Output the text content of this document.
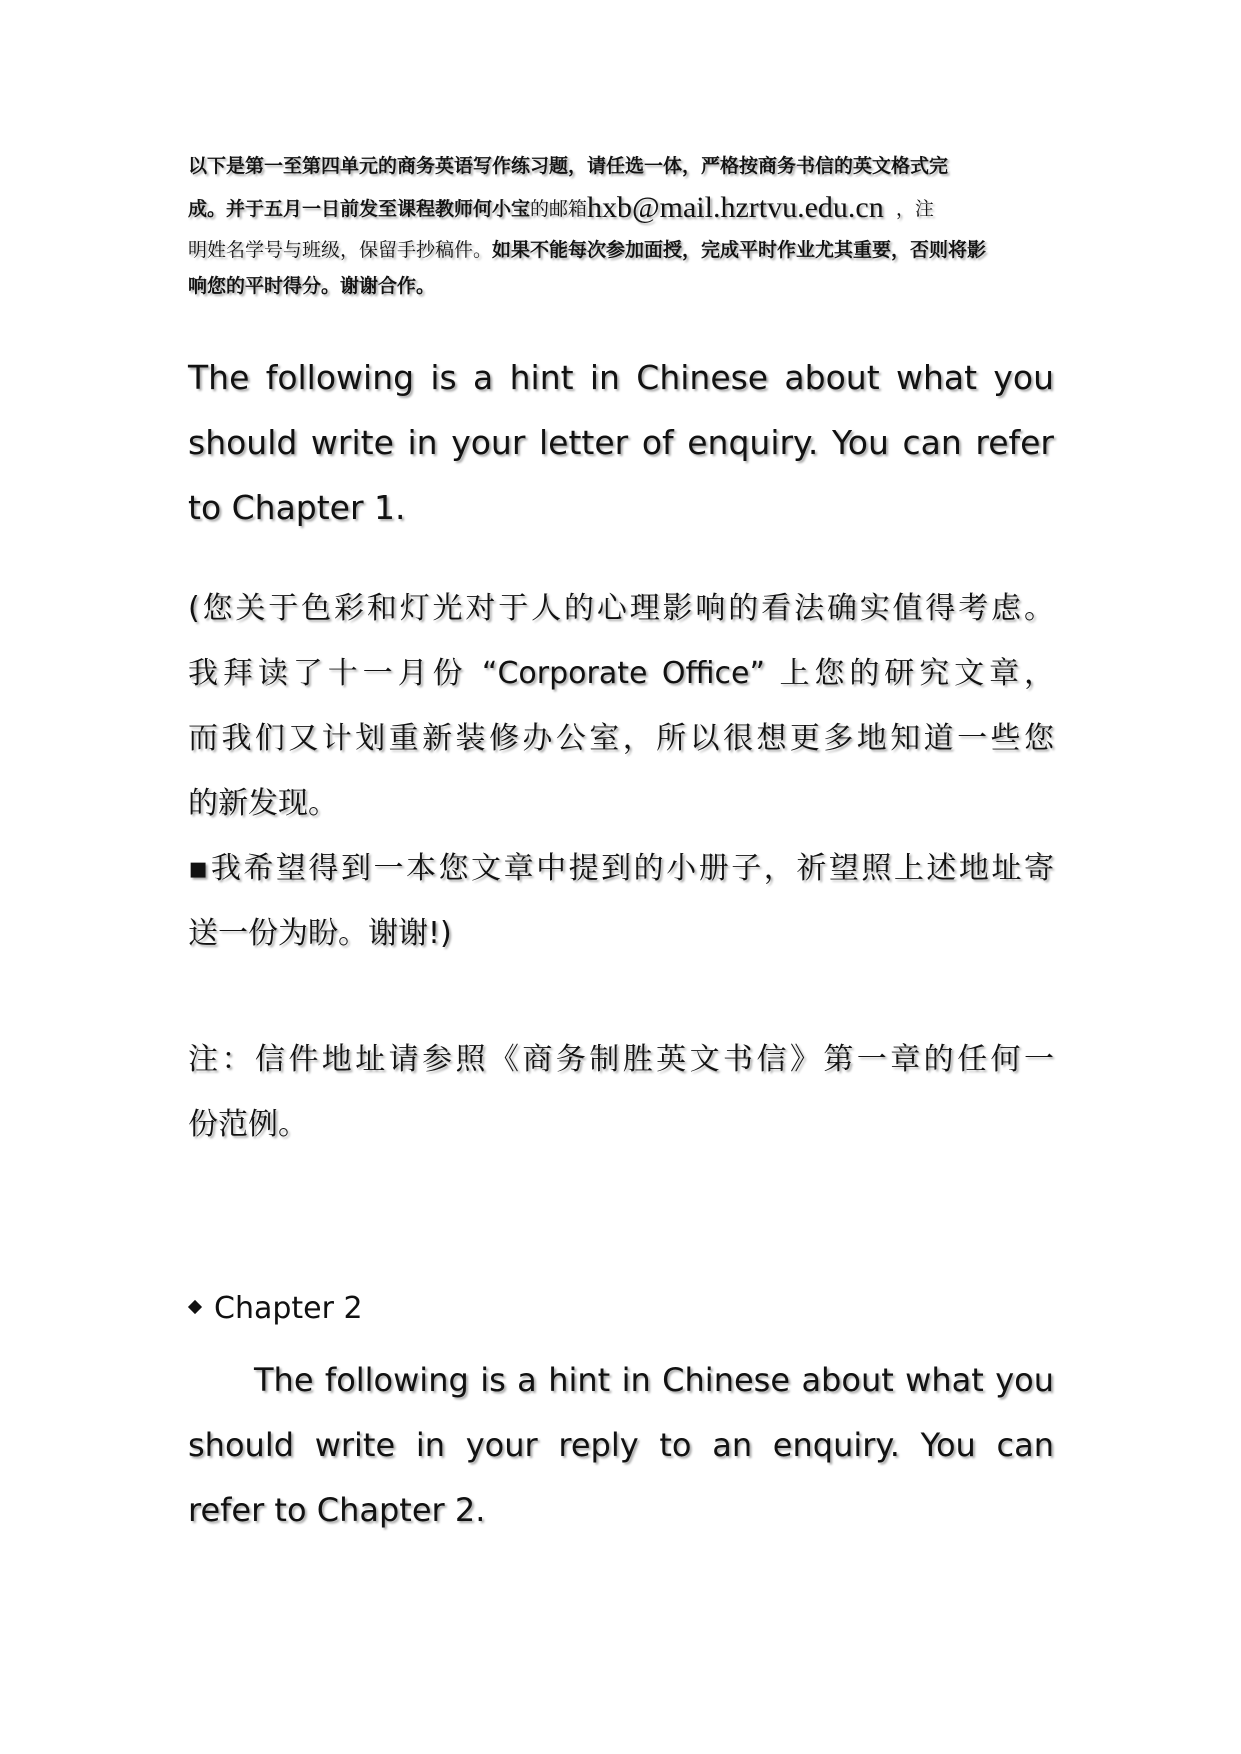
以下是第一至第四单元的商务英语写作练习题，请任选一体，严格按商务书信的英文格式完
成。并于五月一日前发至课程教师何小宝的邮箱hxb@mail.hzrtvu.edu.cn ，注
明姓名学号与班级，保留手抄稿件。如果不能每次参加面授，完成平时作业尤其重要，否则将影
响您的平时得分。谢谢合作。
The following is a hint in Chinese about what you
should write in your letter of enquiry. You can refer
to Chapter 1.
(您关于色彩和灯光对于人的心理影响的看法确实值得考虑。
我拜读了十一月份 “Corporate Office” 上您的研究文章，
而我们又计划重新装修办公室，所以很想更多地知道一些您
的新发现。
▪我希望得到一本您文章中提到的小册子，祈望照上述地址寄
送一份为盼。谢谢!)
注：信件地址请参照《商务制胜英文书信》第一章的任何一
份范例。
Chapter 2
The following is a hint in Chinese about what you
should write in your reply to an enquiry. You can
refer to Chapter 2.
